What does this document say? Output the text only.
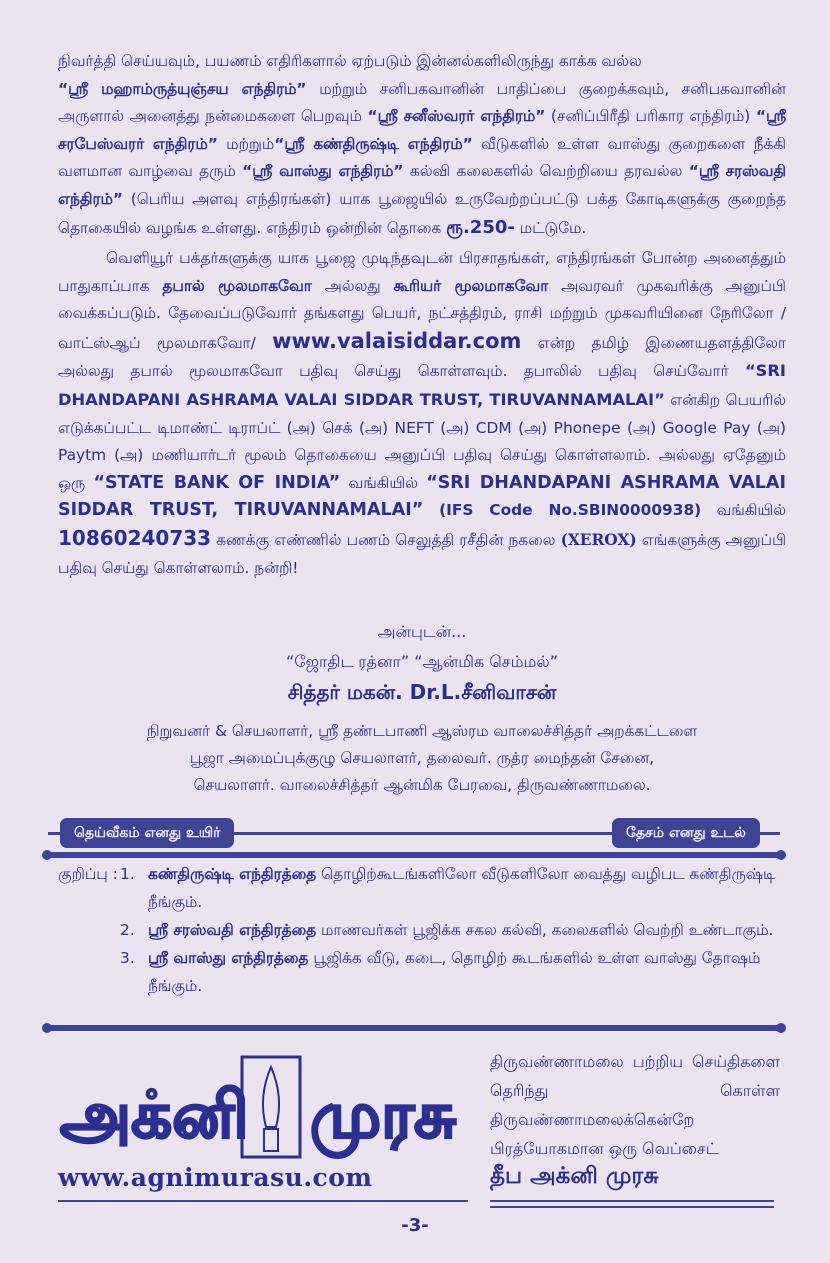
நிவர்த்தி செய்யவும், பயணம் எதிரிகளால் ஏற்படும் இன்னல்களிலிருந்து காக்க வல்ல
“ஸ்ரீ மஹாம்ருத்யுஞ்சய எந்திரம்” மற்றும் சனிபகவானின் பாதிப்பை குறைக்கவும், சனிபகவானின் அருளால் அனைத்து நன்மைகளை பெறவும் “ஸ்ரீ சனீஸ்வரர் எந்திரம்” (சனிப்பிரீதி பரிகார எந்திரம்) “ஸ்ரீ சரபேஸ்வரர் எந்திரம்” மற்றும்“ஸ்ரீ கண்திருஷ்டி எந்திரம்” வீடுகளில் உள்ள வாஸ்து குறைகளை நீக்கி வளமான வாழ்வை தரும் “ஸ்ரீ வாஸ்து எந்திரம்” கல்வி கலைகளில் வெற்றியை தரவல்ல “ஸ்ரீ சரஸ்வதி எந்திரம்” (பெரிய அளவு எந்திரங்கள்) யாக பூஜையில் உருவேற்றப்பட்டு பக்த கோடிகளுக்கு குறைந்த தொகையில் வழங்க உள்ளது. எந்திரம் ஒன்றின் தொகை ரூ.250- மட்டுமே.
வெளியூர் பக்தர்களுக்கு யாக பூஜை முடிந்தவுடன் பிரசாதங்கள், எந்திரங்கள் போன்ற அனைத்தும் பாதுகாப்பாக தபால் மூலமாகவோ அல்லது கூரியர் மூலமாகவோ அவரவர் முகவரிக்கு அனுப்பி வைக்கப்படும். தேவைப்படுவோர் தங்களது பெயர், நட்சத்திரம், ராசி மற்றும் முகவரியினை நேரிலோ / வாட்ஸ்ஆப் மூலமாகவோ/ www.valaisiddar.com என்ற தமிழ் இணையதளத்திலோ அல்லது தபால் மூலமாகவோ பதிவு செய்து கொள்ளவும். தபாலில் பதிவு செய்வோர் “SRI DHANDAPANI ASHRAMA VALAI SIDDAR TRUST, TIRUVANNAMALAI” என்கிற பெயரில் எடுக்கப்பட்ட டிமாண்ட் டிராப்ட் (அ) செக் (அ) NEFT (அ) CDM (அ) Phonepe (அ) Google Pay (அ) Paytm (அ) மணியார்டர் மூலம் தொகையை அனுப்பி பதிவு செய்து கொள்ளலாம். அல்லது ஏதேனும் ஒரு “STATE BANK OF INDIA” வங்கியில் “SRI DHANDAPANI ASHRAMA VALAI SIDDAR TRUST, TIRUVANNAMALAI” (IFS Code No.SBIN0000938) வங்கியில் 10860240733 கணக்கு எண்ணில் பணம் செலுத்தி ரசீதின் நகலை (XEROX) எங்களுக்கு அனுப்பி பதிவு செய்து கொள்ளலாம். நன்றி!
அன்புடன்...
“ஜோதிட ரத்னா” “ஆன்மிக செம்மல்”
சித்தர் மகன். Dr.L.சீனிவாசன்
நிறுவனர் & செயலாளர், ஸ்ரீ தண்டபாணி ஆஸ்ரம வாலைச்சித்தர் அறக்கட்டளை
பூஜா அமைப்புக்குழு செயலாளர், தலைவர். ருத்ர மைந்தன் சேனை,
செயலாளர். வாலைச்சித்தர் ஆன்மிக பேரவை, திருவண்ணாமலை.
தெய்வீகம் எனது உயிர்	தேசம் எனது உடல்
குறிப்பு : 1. கண்திருஷ்டி எந்திரத்தை தொழிற்கூடங்களிலோ வீடுகளிலோ வைத்து வழிபட கண்திருஷ்டி நீங்கும்.
2. ஸ்ரீ சரஸ்வதி எந்திரத்தை மாணவர்கள் பூஜிக்க சகல கல்வி, கலைகளில் வெற்றி உண்டாகும்.
3. ஸ்ரீ வாஸ்து எந்திரத்தை பூஜிக்க வீடு, கடை, தொழிற் கூடங்களில் உள்ள வாஸ்து தோஷம் நீங்கும்.
அக்னி முரசு
www.agnimurasu.com
திருவண்ணாமலை பற்றிய செய்திகளை தெரிந்து கொள்ள திருவண்ணாமலைக்கென்றே பிரத்யோகமான ஒரு வெப்சைட்
தீப அக்னி முரசு
-3-
